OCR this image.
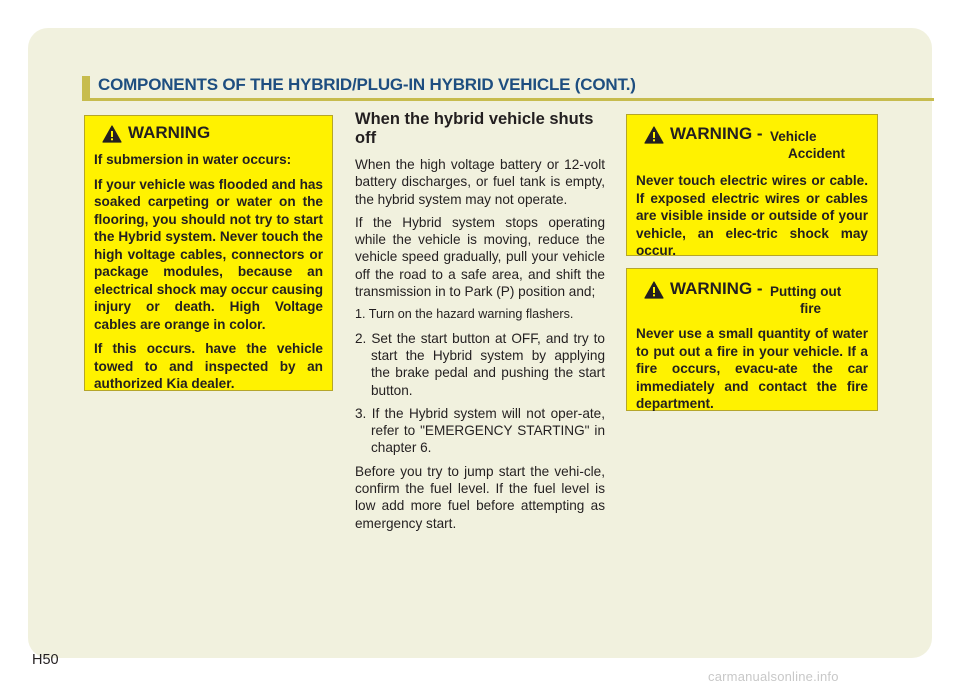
COMPONENTS OF THE HYBRID/PLUG-IN HYBRID VEHICLE (CONT.)
WARNING

If submersion in water occurs:

If your vehicle was flooded and has soaked carpeting or water on the flooring, you should not try to start the Hybrid system. Never touch the high voltage cables, connectors or package modules, because an electrical shock may occur causing injury or death. High Voltage cables are orange in color.

If this occurs. have the vehicle towed to and inspected by an authorized Kia dealer.

When the hybrid vehicle shuts off

When the high voltage battery or 12-volt battery discharges, or fuel tank is empty, the hybrid system may not operate.

If the Hybrid system stops operating while the vehicle is moving, reduce the vehicle speed gradually, pull your vehicle off the road to a safe area, and shift the transmission in to Park (P) position and;

1. Turn on the hazard warning flashers.
2. Set the start button at OFF, and try to start the Hybrid system by applying the brake pedal and pushing the start button.
3. If the Hybrid system will not oper-ate, refer to "EMERGENCY STARTING" in chapter 6.

Before you try to jump start the vehi-cle, confirm the fuel level. If the fuel level is low add more fuel before attempting as emergency start.

WARNING - Vehicle
Accident

Never touch electric wires or cable. If exposed electric wires or cables are visible inside or outside of your vehicle, an elec-tric shock may occur.

WARNING - Putting out
fire

Never use a small quantity of water to put out a fire in your vehicle. If a fire occurs, evacu-ate the car immediately and contact the fire department.

H50
carmanualsonline.info
